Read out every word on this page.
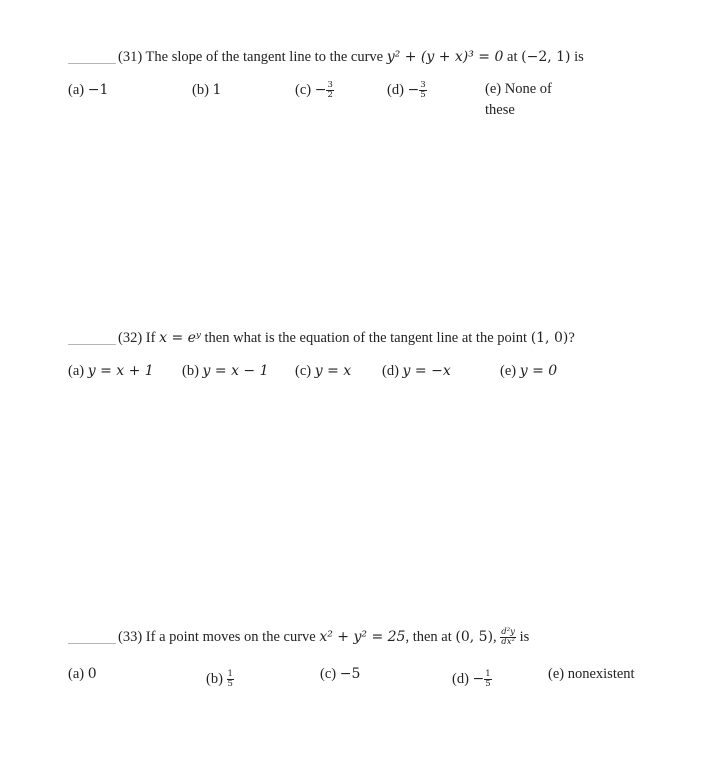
(31) The slope of the tangent line to the curve y² + (y + x)³ = 0 at (−2, 1) is
(a) −1	(b) 1	$(c) - \frac{3}{2}$	$(d) - \frac{3}{5}$	(e) None of these
(32) If x = eʸ then what is the equation of the tangent line at the point (1, 0)?
(a) y = x + 1 (b) y = x − 1 (c) y = x (d) y = −x	(e) y = 0
(33) If a point moves on the curve x² + y² = 25, then at (0, 5), $\frac{\text{d²y}}{\text{dx²}}$ is
(a) 0	$(b) \frac{1}{5}$	(c) −5	$(d) - \frac{1}{5}$	(e) nonexistent
